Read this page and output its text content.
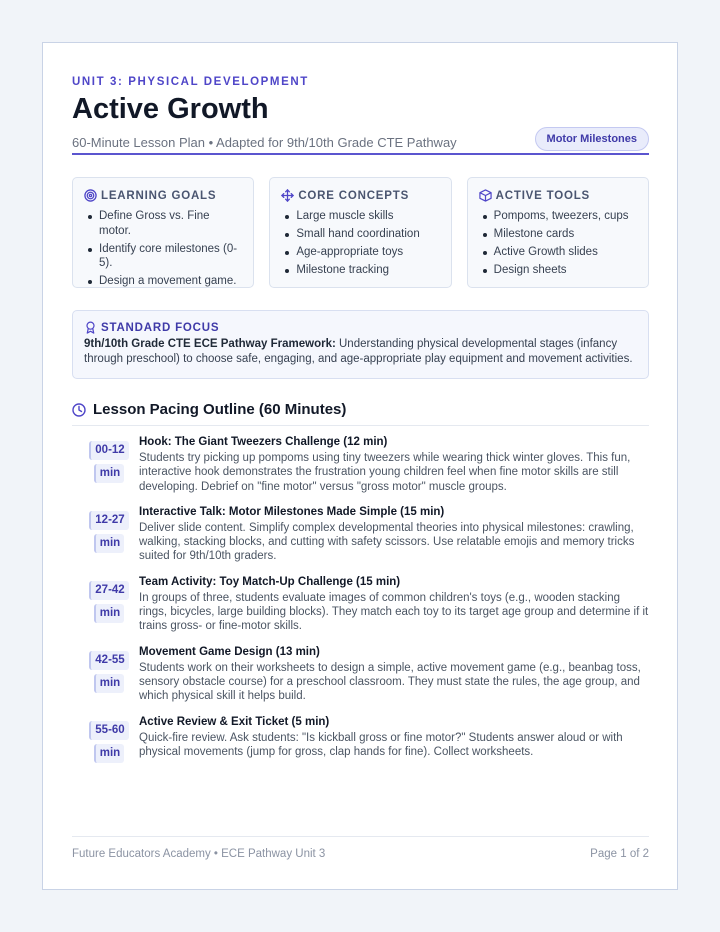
UNIT 3: PHYSICAL DEVELOPMENT
Active Growth
60-Minute Lesson Plan • Adapted for 9th/10th Grade CTE Pathway	Motor Milestones
LEARNING GOALS
Define Gross vs. Fine motor.
Identify core milestones (0-5).
Design a movement game.
CORE CONCEPTS
Large muscle skills
Small hand coordination
Age-appropriate toys
Milestone tracking
ACTIVE TOOLS
Pompoms, tweezers, cups
Milestone cards
Active Growth slides
Design sheets
STANDARD FOCUS
9th/10th Grade CTE ECE Pathway Framework: Understanding physical developmental stages (infancy through preschool) to choose safe, engaging, and age-appropriate play equipment and movement activities.
Lesson Pacing Outline (60 Minutes)
00-12
min
Hook: The Giant Tweezers Challenge (12 min)
Students try picking up pompoms using tiny tweezers while wearing thick winter gloves. This fun, interactive hook demonstrates the frustration young children feel when fine motor skills are still developing. Debrief on "fine motor" versus "gross motor" muscle groups.
12-27
min
Interactive Talk: Motor Milestones Made Simple (15 min)
Deliver slide content. Simplify complex developmental theories into physical milestones: crawling, walking, stacking blocks, and cutting with safety scissors. Use relatable emojis and memory tricks suited for 9th/10th graders.
27-42
min
Team Activity: Toy Match-Up Challenge (15 min)
In groups of three, students evaluate images of common children's toys (e.g., wooden stacking rings, bicycles, large building blocks). They match each toy to its target age group and determine if it trains gross- or fine-motor skills.
42-55
min
Movement Game Design (13 min)
Students work on their worksheets to design a simple, active movement game (e.g., beanbag toss, sensory obstacle course) for a preschool classroom. They must state the rules, the age group, and which physical skill it helps build.
55-60
min
Active Review & Exit Ticket (5 min)
Quick-fire review. Ask students: "Is kickball gross or fine motor?" Students answer aloud or with physical movements (jump for gross, clap hands for fine). Collect worksheets.
Future Educators Academy • ECE Pathway Unit 3	Page 1 of 2
